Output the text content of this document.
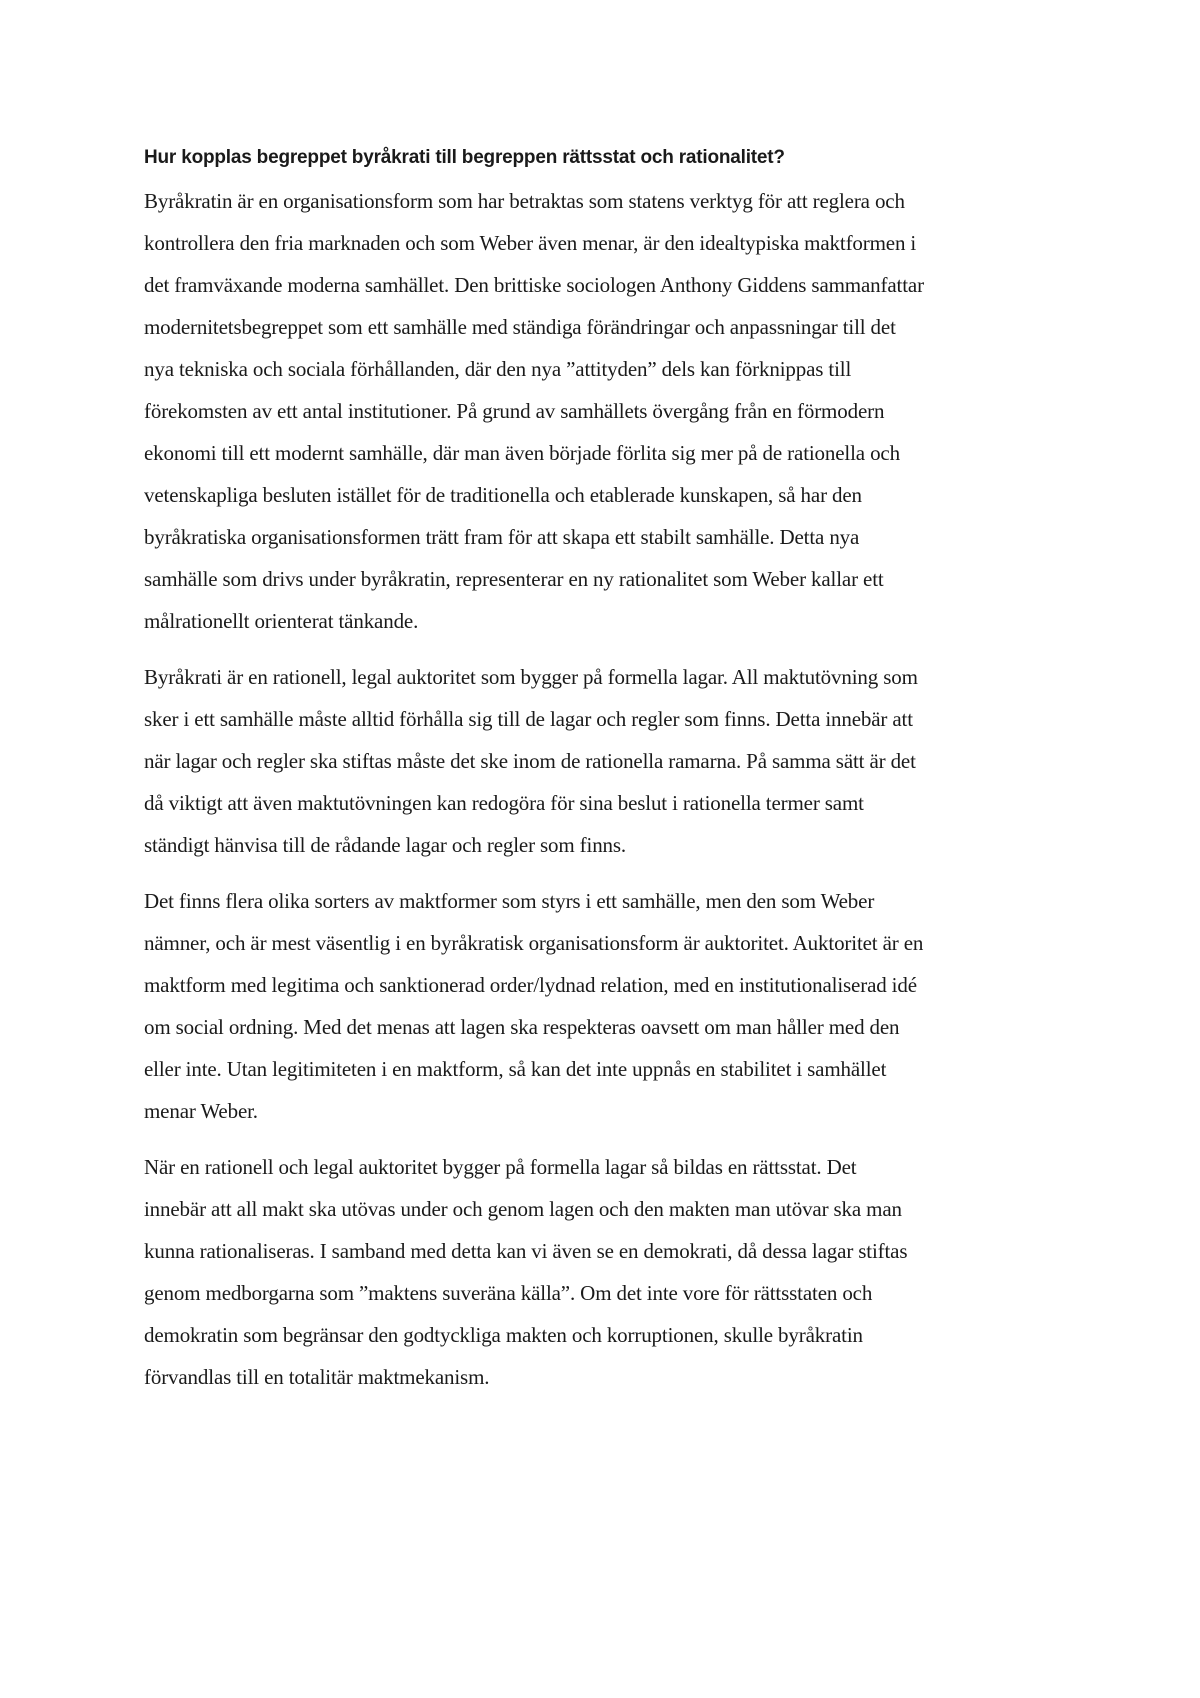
Hur kopplas begreppet byråkrati till begreppen rättsstat och rationalitet?
Byråkratin är en organisationsform som har betraktas som statens verktyg för att reglera och
kontrollera den fria marknaden och som Weber även menar, är den idealtypiska maktformen i
det framväxande moderna samhället. Den brittiske sociologen Anthony Giddens sammanfattar
modernitetsbegreppet som ett samhälle med ständiga förändringar och anpassningar till det
nya tekniska och sociala förhållanden, där den nya ”attityden” dels kan förknippas till
förekomsten av ett antal institutioner. På grund av samhällets övergång från en förmodern
ekonomi till ett modernt samhälle, där man även började förlita sig mer på de rationella och
vetenskapliga besluten istället för de traditionella och etablerade kunskapen, så har den
byråkratiska organisationsformen trätt fram för att skapa ett stabilt samhälle. Detta nya
samhälle som drivs under byråkratin, representerar en ny rationalitet som Weber kallar ett
målrationellt orienterat tänkande.
Byråkrati är en rationell, legal auktoritet som bygger på formella lagar. All maktutövning som
sker i ett samhälle måste alltid förhålla sig till de lagar och regler som finns. Detta innebär att
när lagar och regler ska stiftas måste det ske inom de rationella ramarna. På samma sätt är det
då viktigt att även maktutövningen kan redogöra för sina beslut i rationella termer samt
ständigt hänvisa till de rådande lagar och regler som finns.
Det finns flera olika sorters av maktformer som styrs i ett samhälle, men den som Weber
nämner, och är mest väsentlig i en byråkratisk organisationsform är auktoritet. Auktoritet är en
maktform med legitima och sanktionerad order/lydnad relation, med en institutionaliserad idé
om social ordning. Med det menas att lagen ska respekteras oavsett om man håller med den
eller inte. Utan legitimiteten i en maktform, så kan det inte uppnås en stabilitet i samhället
menar Weber.
När en rationell och legal auktoritet bygger på formella lagar så bildas en rättsstat. Det
innebär att all makt ska utövas under och genom lagen och den makten man utövar ska man
kunna rationaliseras. I samband med detta kan vi även se en demokrati, då dessa lagar stiftas
genom medborgarna som ”maktens suveräna källa”. Om det inte vore för rättsstaten och
demokratin som begränsar den godtyckliga makten och korruptionen, skulle byråkratin
förvandlas till en totalitär maktmekanism.
